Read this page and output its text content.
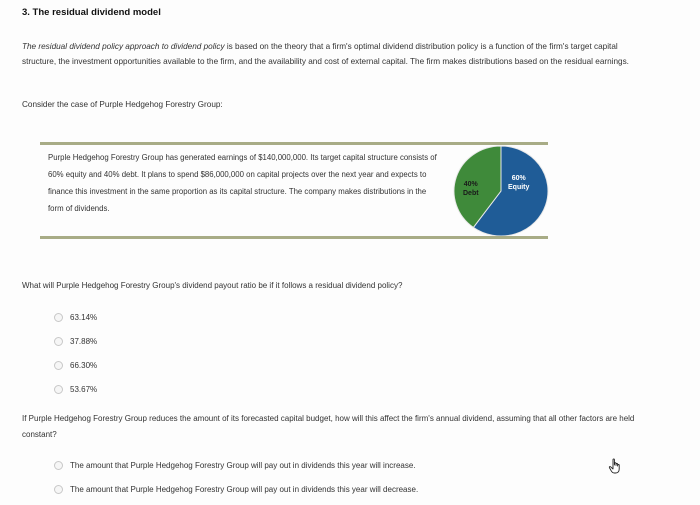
3. The residual dividend model
The residual dividend policy approach to dividend policy is based on the theory that a firm's optimal dividend distribution policy is a function of the firm's target capital structure, the investment opportunities available to the firm, and the availability and cost of external capital. The firm makes distributions based on the residual earnings.
Consider the case of Purple Hedgehog Forestry Group:
Purple Hedgehog Forestry Group has generated earnings of $140,000,000. Its target capital structure consists of 60% equity and 40% debt. It plans to spend $86,000,000 on capital projects over the next year and expects to finance this investment in the same proportion as its capital structure. The company makes distributions in the form of dividends.
40%
Debt
60%
Equity
What will Purple Hedgehog Forestry Group's dividend payout ratio be if it follows a residual dividend policy?
63.14%
37.88%
66.30%
53.67%
If Purple Hedgehog Forestry Group reduces the amount of its forecasted capital budget, how will this affect the firm's annual dividend, assuming that all other factors are held constant?
The amount that Purple Hedgehog Forestry Group will pay out in dividends this year will increase.
The amount that Purple Hedgehog Forestry Group will pay out in dividends this year will decrease.
